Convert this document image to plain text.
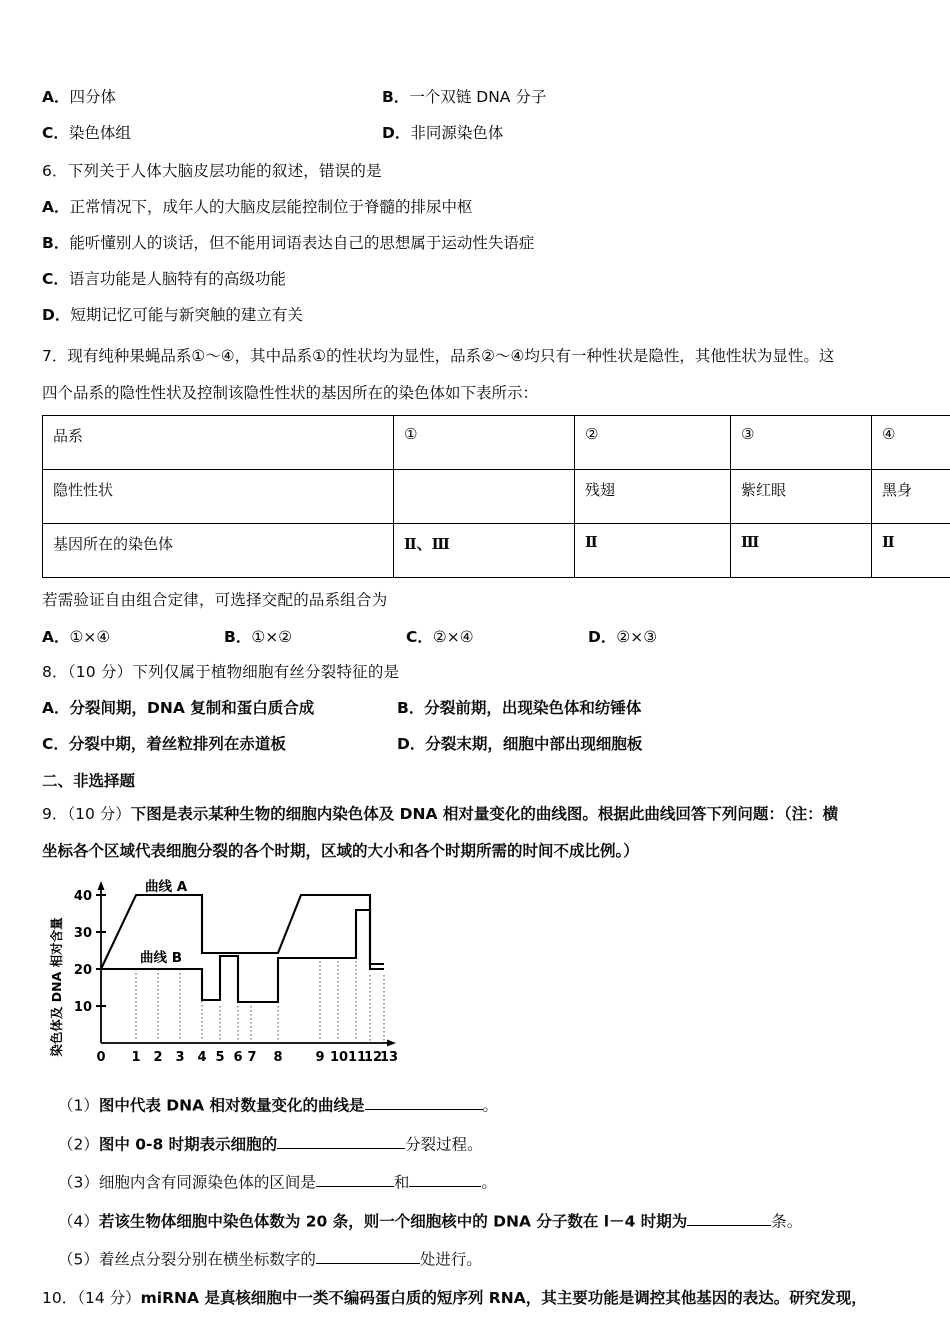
A．四分体	B．一个双链 DNA 分子
C．染色体组	D．非同源染色体
6．下列关于人体大脑皮层功能的叙述，错误的是
A．正常情况下，成年人的大脑皮层能控制位于脊髓的排尿中枢
B．能听懂别人的谈话，但不能用词语表达自己的思想属于运动性失语症
C．语言功能是人脑特有的高级功能
D．短期记忆可能与新突触的建立有关
7．现有纯种果蝇品系①～④，其中品系①的性状均为显性，品系②～④均只有一种性状是隐性，其他性状为显性。这
四个品系的隐性性状及控制该隐性性状的基因所在的染色体如下表所示：
品系	①	②	③	④
隐性性状		残翅	紫红眼	黑身
基因所在的染色体	Ⅱ、Ⅲ	Ⅱ	Ⅲ	Ⅱ
若需验证自由组合定律，可选择交配的品系组合为
A．①×④	B．①×②	C．②×④	D．②×③
8．（10 分）下列仅属于植物细胞有丝分裂特征的是
A．分裂间期，DNA 复制和蛋白质合成	B．分裂前期，出现染色体和纺锤体
C．分裂中期，着丝粒排列在赤道板	D．分裂末期，细胞中部出现细胞板
二、非选择题
9．（10 分）下图是表示某种生物的细胞内染色体及 DNA 相对量变化的曲线图。根据此曲线回答下列问题：（注：横
坐标各个区域代表细胞分裂的各个时期，区域的大小和各个时期所需的时间不成比例。）
染色体及 DNA 相对含量
40
30
20
10
0 1 2 3 4 5 6 7 8	9 10 11
12
13
曲线 A
曲线 B
（1）图中代表 DNA 相对数量变化的曲线是	。
（2）图中 0-8 时期表示细胞的	分裂过程。
（3）细胞内含有同源染色体的区间是	和	。
（4）若该生物体细胞中染色体数为 20 条，则一个细胞核中的 DNA 分子数在 l－4 时期为	条。
（5）着丝点分裂分别在横坐标数字的	处进行。
10．（14 分）miRNA 是真核细胞中一类不编码蛋白质的短序列 RNA，其主要功能是调控其他基因的表达。研究发现，
